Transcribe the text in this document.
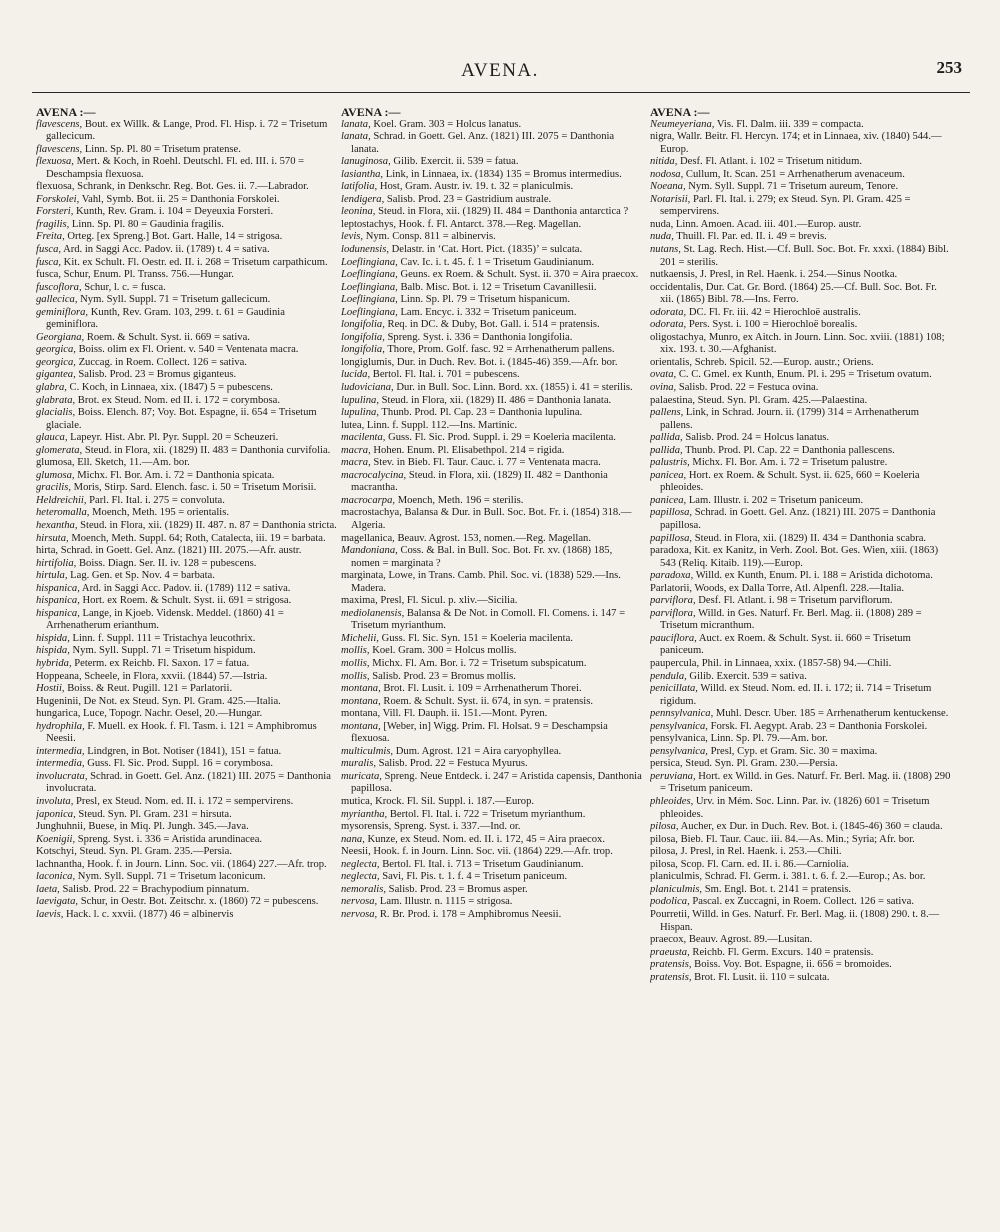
AVENA.	253
AVENA :—

flavescens, Bout. ex Willk. & Lange, Prod. Fl. Hisp. i. 72 = Trisetum gallecicum.

flavescens, Linn. Sp. Pl. 80 = Trisetum pratense.

flexuosa, Mert. & Koch, in Roehl. Deutschl. Fl. ed. III. i. 570 = Deschampsia flexuosa.

flexuosa, Schrank, in Denkschr. Reg. Bot. Ges. ii. 7.—Labrador.

Forskolei, Vahl, Symb. Bot. ii. 25 = Danthonia Forskolei.

Forsteri, Kunth, Rev. Gram. i. 104 = Deyeuxia Forsteri.

fragilis, Linn. Sp. Pl. 80 = Gaudinia fragilis.

Freita, Orteg. [ex Spreng.] Bot. Gart. Halle, 14 = strigosa.

fusca, Ard. in Saggi Acc. Padov. ii. (1789) t. 4 = sativa.

fusca, Kit. ex Schult. Fl. Oestr. ed. II. i. 268 = Trisetum carpathicum.

fusca, Schur, Enum. Pl. Transs. 756.—Hungar.

fuscoflora, Schur, l. c. = fusca.

gallecica, Nym. Syll. Suppl. 71 = Trisetum gallecicum.

geminiflora, Kunth, Rev. Gram. 103, 299. t. 61 = Gaudinia geminiflora.

Georgiana, Roem. & Schult. Syst. ii. 669 = sativa.

georgica, Boiss. olim ex Fl. Orient. v. 540 = Ventenata macra.

georgica, Zuccag. in Roem. Collect. 126 = sativa.

gigantea, Salisb. Prod. 23 = Bromus giganteus.

glabra, C. Koch, in Linnaea, xix. (1847) 5 = pubescens.

glabrata, Brot. ex Steud. Nom. ed II. i. 172 = corymbosa.

glacialis, Boiss. Elench. 87; Voy. Bot. Espagne, ii. 654 = Trisetum glaciale.

glauca, Lapeyr. Hist. Abr. Pl. Pyr. Suppl. 20 = Scheuzeri.

glomerata, Steud. in Flora, xii. (1829) II. 483 = Danthonia curvifolia.

glumosa, Ell. Sketch, 11.—Am. bor.

glumosa, Michx. Fl. Bor. Am. i. 72 = Danthonia spicata.

gracilis, Moris, Stirp. Sard. Elench. fasc. i. 50 = Trisetum Morisii.

Heldreichii, Parl. Fl. Ital. i. 275 = convoluta.

heteromalla, Moench, Meth. 195 = orientalis.

hexantha, Steud. in Flora, xii. (1829) II. 487. n. 87 = Danthonia stricta.

hirsuta, Moench, Meth. Suppl. 64; Roth, Catalecta, iii. 19 = barbata.

hirta, Schrad. in Goett. Gel. Anz. (1821) III. 2075.—Afr. austr.

hirtifolia, Boiss. Diagn. Ser. II. iv. 128 = pubescens.

hirtula, Lag. Gen. et Sp. Nov. 4 = barbata.

hispanica, Ard. in Saggi Acc. Padov. ii. (1789) 112 = sativa.

hispanica, Hort. ex Roem. & Schult. Syst. ii. 691 = strigosa.

hispanica, Lange, in Kjoeb. Vidensk. Meddel. (1860) 41 = Arrhenatherum erianthum.

hispida, Linn. f. Suppl. 111 = Tristachya leucothrix.

hispida, Nym. Syll. Suppl. 71 = Trisetum hispidum.

hybrida, Peterm. ex Reichb. Fl. Saxon. 17 = fatua.

Hoppeana, Scheele, in Flora, xxvii. (1844) 57.—Istria.

Hostii, Boiss. & Reut. Pugill. 121 = Parlatorii.

Hugeninii, De Not. ex Steud. Syn. Pl. Gram. 425.—Italia.

hungarica, Luce, Topogr. Nachr. Oesel, 20.—Hungar.

hydrophila, F. Muell. ex Hook. f. Fl. Tasm. i. 121 = Amphibromus Neesii.

intermedia, Lindgren, in Bot. Notiser (1841), 151 = fatua.

intermedia, Guss. Fl. Sic. Prod. Suppl. 16 = corymbosa.

involucrata, Schrad. in Goett. Gel. Anz. (1821) III. 2075 = Danthonia involucrata.

involuta, Presl, ex Steud. Nom. ed. II. i. 172 = sempervirens.

japonica, Steud. Syn. Pl. Gram. 231 = hirsuta.

Junghuhnii, Buese, in Miq. Pl. Jungh. 345.—Java.

Koenigii, Spreng. Syst. i. 336 = Aristida arundinacea.

Kotschyi, Steud. Syn. Pl. Gram. 235.—Persia.

lachnantha, Hook. f. in Journ. Linn. Soc. vii. (1864) 227.—Afr. trop.

laconica, Nym. Syll. Suppl. 71 = Trisetum laconicum.

laeta, Salisb. Prod. 22 = Brachypodium pinnatum.

laevigata, Schur, in Oestr. Bot. Zeitschr. x. (1860) 72 = pubescens.

laevis, Hack. l. c. xxvii. (1877) 46 = albinervis

AVENA :—

lanata, Koel. Gram. 303 = Holcus lanatus.

lanata, Schrad. in Goett. Gel. Anz. (1821) III. 2075 = Danthonia lanata.

lanuginosa, Gilib. Exercit. ii. 539 = fatua.

lasiantha, Link, in Linnaea, ix. (1834) 135 = Bromus intermedius.

latifolia, Host, Gram. Austr. iv. 19. t. 32 = planiculmis.

lendigera, Salisb. Prod. 23 = Gastridium australe.

leonina, Steud. in Flora, xii. (1829) II. 484 = Danthonia antarctica ?

leptostachys, Hook. f. Fl. Antarct. 378.—Reg. Magellan.

levis, Nym. Consp. 811 = albinervis.

lodunensis, Delastr. in ‘Cat. Hort. Pict. (1835)’ = sulcata.

Loeflingiana, Cav. Ic. i. t. 45. f. 1 = Trisetum Gaudinianum.

Loeflingiana, Geuns. ex Roem. & Schult. Syst. ii. 370 = Aira praecox.

Loeflingiana, Balb. Misc. Bot. i. 12 = Trisetum Cavanillesii.

Loeflingiana, Linn. Sp. Pl. 79 = Trisetum hispanicum.

Loeflingiana, Lam. Encyc. i. 332 = Trisetum paniceum.

longifolia, Req. in DC. & Duby, Bot. Gall. i. 514 = pratensis.

longifolia, Spreng. Syst. i. 336 = Danthonia longifolia.

longifolia, Thore, Prom. Golf. fasc. 92 = Arrhenatherum pallens.

longiglumis, Dur. in Duch. Rev. Bot. i. (1845-46) 359.—Afr. bor.

lucida, Bertol. Fl. Ital. i. 701 = pubescens.

ludoviciana, Dur. in Bull. Soc. Linn. Bord. xx. (1855) i. 41 = sterilis.

lupulina, Steud. in Flora, xii. (1829) II. 486 = Danthonia lanata.

lupulina, Thunb. Prod. Pl. Cap. 23 = Danthonia lupulina.

lutea, Linn. f. Suppl. 112.—Ins. Martinic.

macilenta, Guss. Fl. Sic. Prod. Suppl. i. 29 = Koeleria macilenta.

macra, Hohen. Enum. Pl. Elisabethpol. 214 = rigida.

macra, Stev. in Bieb. Fl. Taur. Cauc. i. 77 = Ventenata macra.

macrocalycina, Steud. in Flora, xii. (1829) II. 482 = Danthonia macrantha.

macrocarpa, Moench, Meth. 196 = sterilis.

macrostachya, Balansa & Dur. in Bull. Soc. Bot. Fr. i. (1854) 318.—Algeria.

magellanica, Beauv. Agrost. 153, nomen.—Reg. Magellan.

Mandoniana, Coss. & Bal. in Bull. Soc. Bot. Fr. xv. (1868) 185, nomen = marginata ?

marginata, Lowe, in Trans. Camb. Phil. Soc. vi. (1838) 529.—Ins. Madera.

maxima, Presl, Fl. Sicul. p. xliv.—Sicilia.

mediolanensis, Balansa & De Not. in Comoll. Fl. Comens. i. 147 = Trisetum myrianthum.

Michelii, Guss. Fl. Sic. Syn. 151 = Koeleria macilenta.

mollis, Koel. Gram. 300 = Holcus mollis.

mollis, Michx. Fl. Am. Bor. i. 72 = Trisetum subspicatum.

mollis, Salisb. Prod. 23 = Bromus mollis.

montana, Brot. Fl. Lusit. i. 109 = Arrhenatherum Thorei.

montana, Roem. & Schult. Syst. ii. 674, in syn. = pratensis.

montana, Vill. Fl. Dauph. ii. 151.—Mont. Pyren.

montana, [Weber, in] Wigg. Prim. Fl. Holsat. 9 = Deschampsia flexuosa.

multiculmis, Dum. Agrost. 121 = Aira caryophyllea.

muralis, Salisb. Prod. 22 = Festuca Myurus.

muricata, Spreng. Neue Entdeck. i. 247 = Aristida capensis, Danthonia papillosa.

mutica, Krock. Fl. Sil. Suppl. i. 187.—Europ.

myriantha, Bertol. Fl. Ital. i. 722 = Trisetum myrianthum.

mysorensis, Spreng. Syst. i. 337.—Ind. or.

nana, Kunze, ex Steud. Nom. ed. II. i. 172, 45 = Aira praecox.

Neesii, Hook. f. in Journ. Linn. Soc. vii. (1864) 229.—Afr. trop.

neglecta, Bertol. Fl. Ital. i. 713 = Trisetum Gaudinianum.

neglecta, Savi, Fl. Pis. t. 1. f. 4 = Trisetum paniceum.

nemoralis, Salisb. Prod. 23 = Bromus asper.

nervosa, Lam. Illustr. n. 1115 = strigosa.

nervosa, R. Br. Prod. i. 178 = Amphibromus Neesii.

AVENA :—

Neumeyeriana, Vis. Fl. Dalm. iii. 339 = compacta.

nigra, Wallr. Beitr. Fl. Hercyn. 174; et in Linnaea, xiv. (1840) 544.—Europ.

nitida, Desf. Fl. Atlant. i. 102 = Trisetum nitidum.

nodosa, Cullum, It. Scan. 251 = Arrhenatherum avenaceum.

Noeana, Nym. Syll. Suppl. 71 = Trisetum aureum, Tenore.

Notarisii, Parl. Fl. Ital. i. 279; ex Steud. Syn. Pl. Gram. 425 = sempervirens.

nuda, Linn. Amoen. Acad. iii. 401.—Europ. austr.

nuda, Thuill. Fl. Par. ed. II. i. 49 = brevis.

nutans, St. Lag. Rech. Hist.—Cf. Bull. Soc. Bot. Fr. xxxi. (1884) Bibl. 201 = sterilis.

nutkaensis, J. Presl, in Rel. Haenk. i. 254.—Sinus Nootka.

occidentalis, Dur. Cat. Gr. Bord. (1864) 25.—Cf. Bull. Soc. Bot. Fr. xii. (1865) Bibl. 78.—Ins. Ferro.

odorata, DC. Fl. Fr. iii. 42 = Hierochloë australis.

odorata, Pers. Syst. i. 100 = Hierochloë borealis.

oligostachya, Munro, ex Aitch. in Journ. Linn. Soc. xviii. (1881) 108; xix. 193. t. 30.—Afghanist.

orientalis, Schreb. Spicil. 52.—Europ. austr.; Oriens.

ovata, C. C. Gmel. ex Kunth, Enum. Pl. i. 295 = Trisetum ovatum.

ovina, Salisb. Prod. 22 = Festuca ovina.

palaestina, Steud. Syn. Pl. Gram. 425.—Palaestina.

pallens, Link, in Schrad. Journ. ii. (1799) 314 = Arrhenatherum pallens.

pallida, Salisb. Prod. 24 = Holcus lanatus.

pallida, Thunb. Prod. Pl. Cap. 22 = Danthonia pallescens.

palustris, Michx. Fl. Bor. Am. i. 72 = Trisetum palustre.

panicea, Hort. ex Roem. & Schult. Syst. ii. 625, 660 = Koeleria phleoides.

panicea, Lam. Illustr. i. 202 = Trisetum paniceum.

papillosa, Schrad. in Goett. Gel. Anz. (1821) III. 2075 = Danthonia papillosa.

papillosa, Steud. in Flora, xii. (1829) II. 434 = Danthonia scabra.

paradoxa, Kit. ex Kanitz, in Verh. Zool. Bot. Ges. Wien, xiii. (1863) 543 (Reliq. Kitaib. 119).—Europ.

paradoxa, Willd. ex Kunth, Enum. Pl. i. 188 = Aristida dichotoma.

Parlatorii, Woods, ex Dalla Torre, Atl. Alpenfl. 228.—Italia.

parviflora, Desf. Fl. Atlant. i. 98 = Trisetum parviflorum.

parviflora, Willd. in Ges. Naturf. Fr. Berl. Mag. ii. (1808) 289 = Trisetum micranthum.

pauciflora, Auct. ex Roem. & Schult. Syst. ii. 660 = Trisetum paniceum.

paupercula, Phil. in Linnaea, xxix. (1857-58) 94.—Chili.

pendula, Gilib. Exercit. 539 = sativa.

penicillata, Willd. ex Steud. Nom. ed. II. i. 172; ii. 714 = Trisetum rigidum.

pennsylvanica, Muhl. Descr. Uber. 185 = Arrhenatherum kentuckense.

pensylvanica, Forsk. Fl. Aegypt. Arab. 23 = Danthonia Forskolei.

pensylvanica, Linn. Sp. Pl. 79.—Am. bor.

pensylvanica, Presl, Cyp. et Gram. Sic. 30 = maxima.

persica, Steud. Syn. Pl. Gram. 230.—Persia.

peruviana, Hort. ex Willd. in Ges. Naturf. Fr. Berl. Mag. ii. (1808) 290 = Trisetum paniceum.

phleoides, Urv. in Mém. Soc. Linn. Par. iv. (1826) 601 = Trisetum phleoides.

pilosa, Aucher, ex Dur. in Duch. Rev. Bot. i. (1845-46) 360 = clauda.

pilosa, Bieb. Fl. Taur. Cauc. iii. 84.—As. Min.; Syria; Afr. bor.

pilosa, J. Presl, in Rel. Haenk. i. 253.—Chili.

pilosa, Scop. Fl. Carn. ed. II. i. 86.—Carniolia.

planiculmis, Schrad. Fl. Germ. i. 381. t. 6. f. 2.—Europ.; As. bor.

planiculmis, Sm. Engl. Bot. t. 2141 = pratensis.

podolica, Pascal. ex Zuccagni, in Roem. Collect. 126 = sativa.

Pourretii, Willd. in Ges. Naturf. Fr. Berl. Mag. ii. (1808) 290. t. 8.—Hispan.

praecox, Beauv. Agrost. 89.—Lusitan.

praeusta, Reichb. Fl. Germ. Excurs. 140 = pratensis.

pratensis, Boiss. Voy. Bot. Espagne, ii. 656 = bromoides.

pratensis, Brot. Fl. Lusit. ii. 110 = sulcata.
